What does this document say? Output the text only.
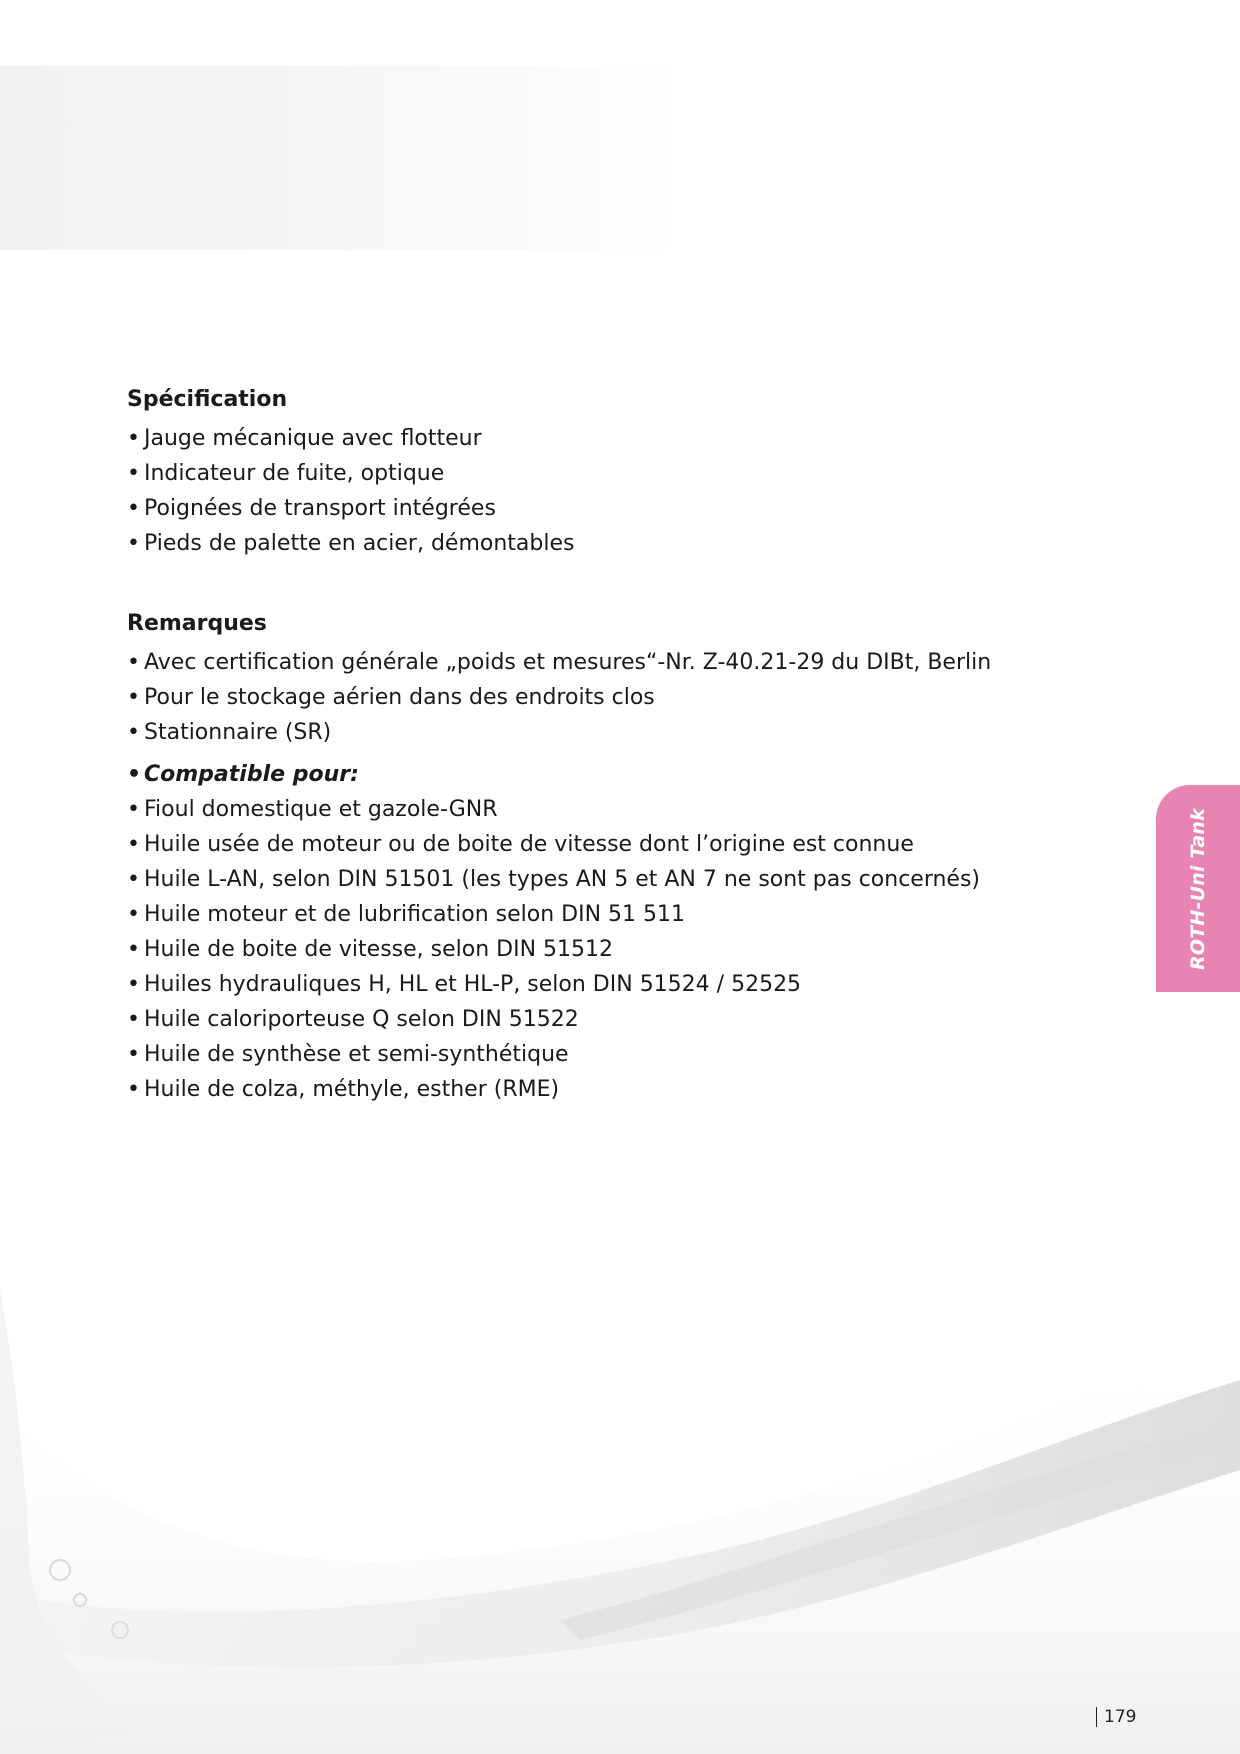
Spécification
• Jauge mécanique avec flotteur
• Indicateur de fuite, optique
• Poignées de transport intégrées
• Pieds de palette en acier, démontables
Remarques
• Avec certification générale „poids et mesures“-Nr. Z-40.21-29 du DIBt, Berlin
• Pour le stockage aérien dans des endroits clos
• Stationnaire (SR)
• Compatible pour:
• Fioul domestique et gazole-GNR
• Huile usée de moteur ou de boite de vitesse dont l’origine est connue
• Huile L-AN, selon DIN 51501 (les types AN 5 et AN 7 ne sont pas concernés)
• Huile moteur et de lubrification selon DIN 51 511
• Huile de boite de vitesse, selon DIN 51512
• Huiles hydrauliques H, HL et HL-P, selon DIN 51524 / 52525
• Huile caloriporteuse Q selon DIN 51522
• Huile de synthèse et semi-synthétique
• Huile de colza, méthyle, esther (RME)
ROTH-Uni Tank
179
